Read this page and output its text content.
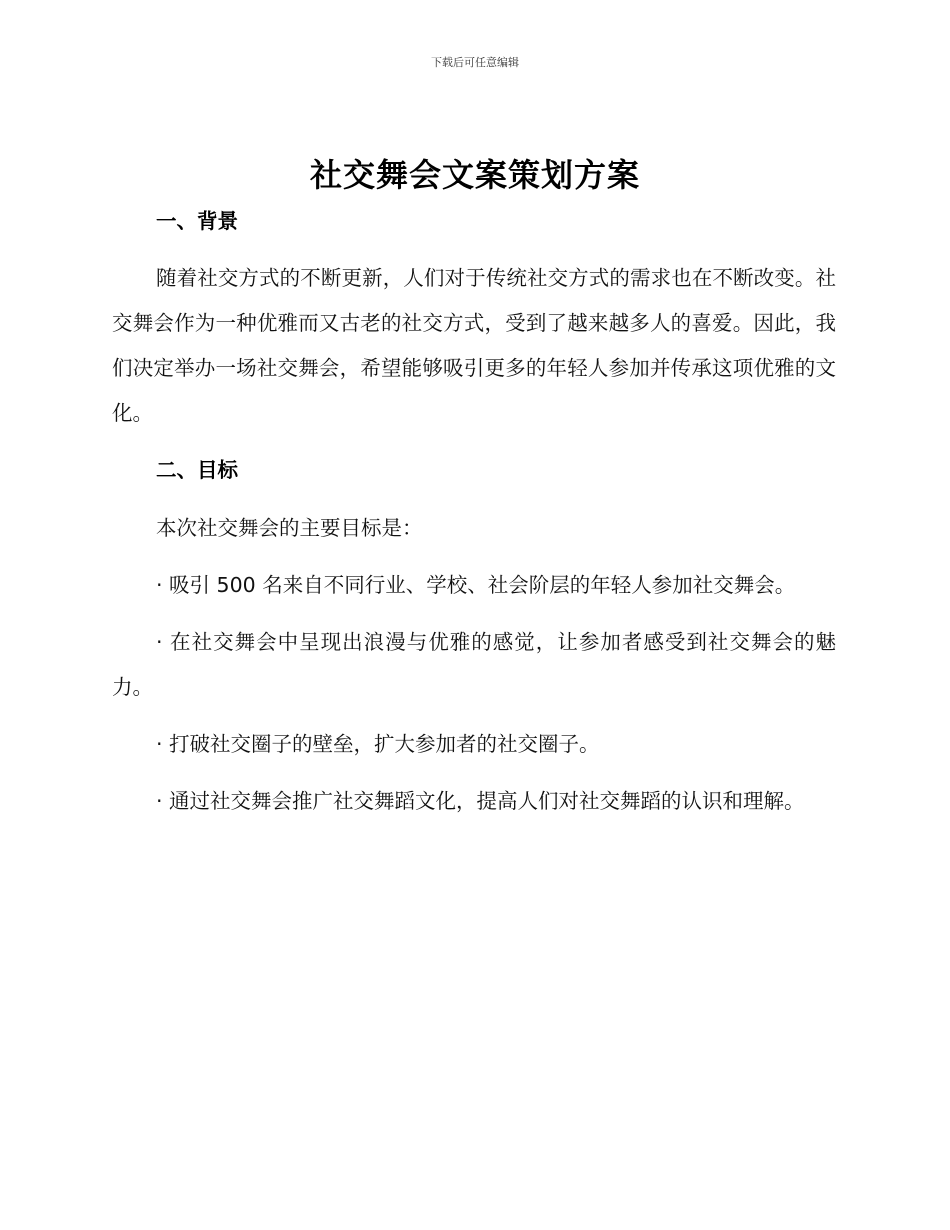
下载后可任意编辑
社交舞会文案策划方案
一、背景

随着社交方式的不断更新，人们对于传统社交方式的需求也在不断改变。社交舞会作为一种优雅而又古老的社交方式，受到了越来越多人的喜爱。因此，我们决定举办一场社交舞会，希望能够吸引更多的年轻人参加并传承这项优雅的文化。

二、目标

本次社交舞会的主要目标是：

· 吸引 500 名来自不同行业、学校、社会阶层的年轻人参加社交舞会。

· 在社交舞会中呈现出浪漫与优雅的感觉，让参加者感受到社交舞会的魅力。

· 打破社交圈子的壁垒，扩大参加者的社交圈子。

· 通过社交舞会推广社交舞蹈文化，提高人们对社交舞蹈的认识和理解。
